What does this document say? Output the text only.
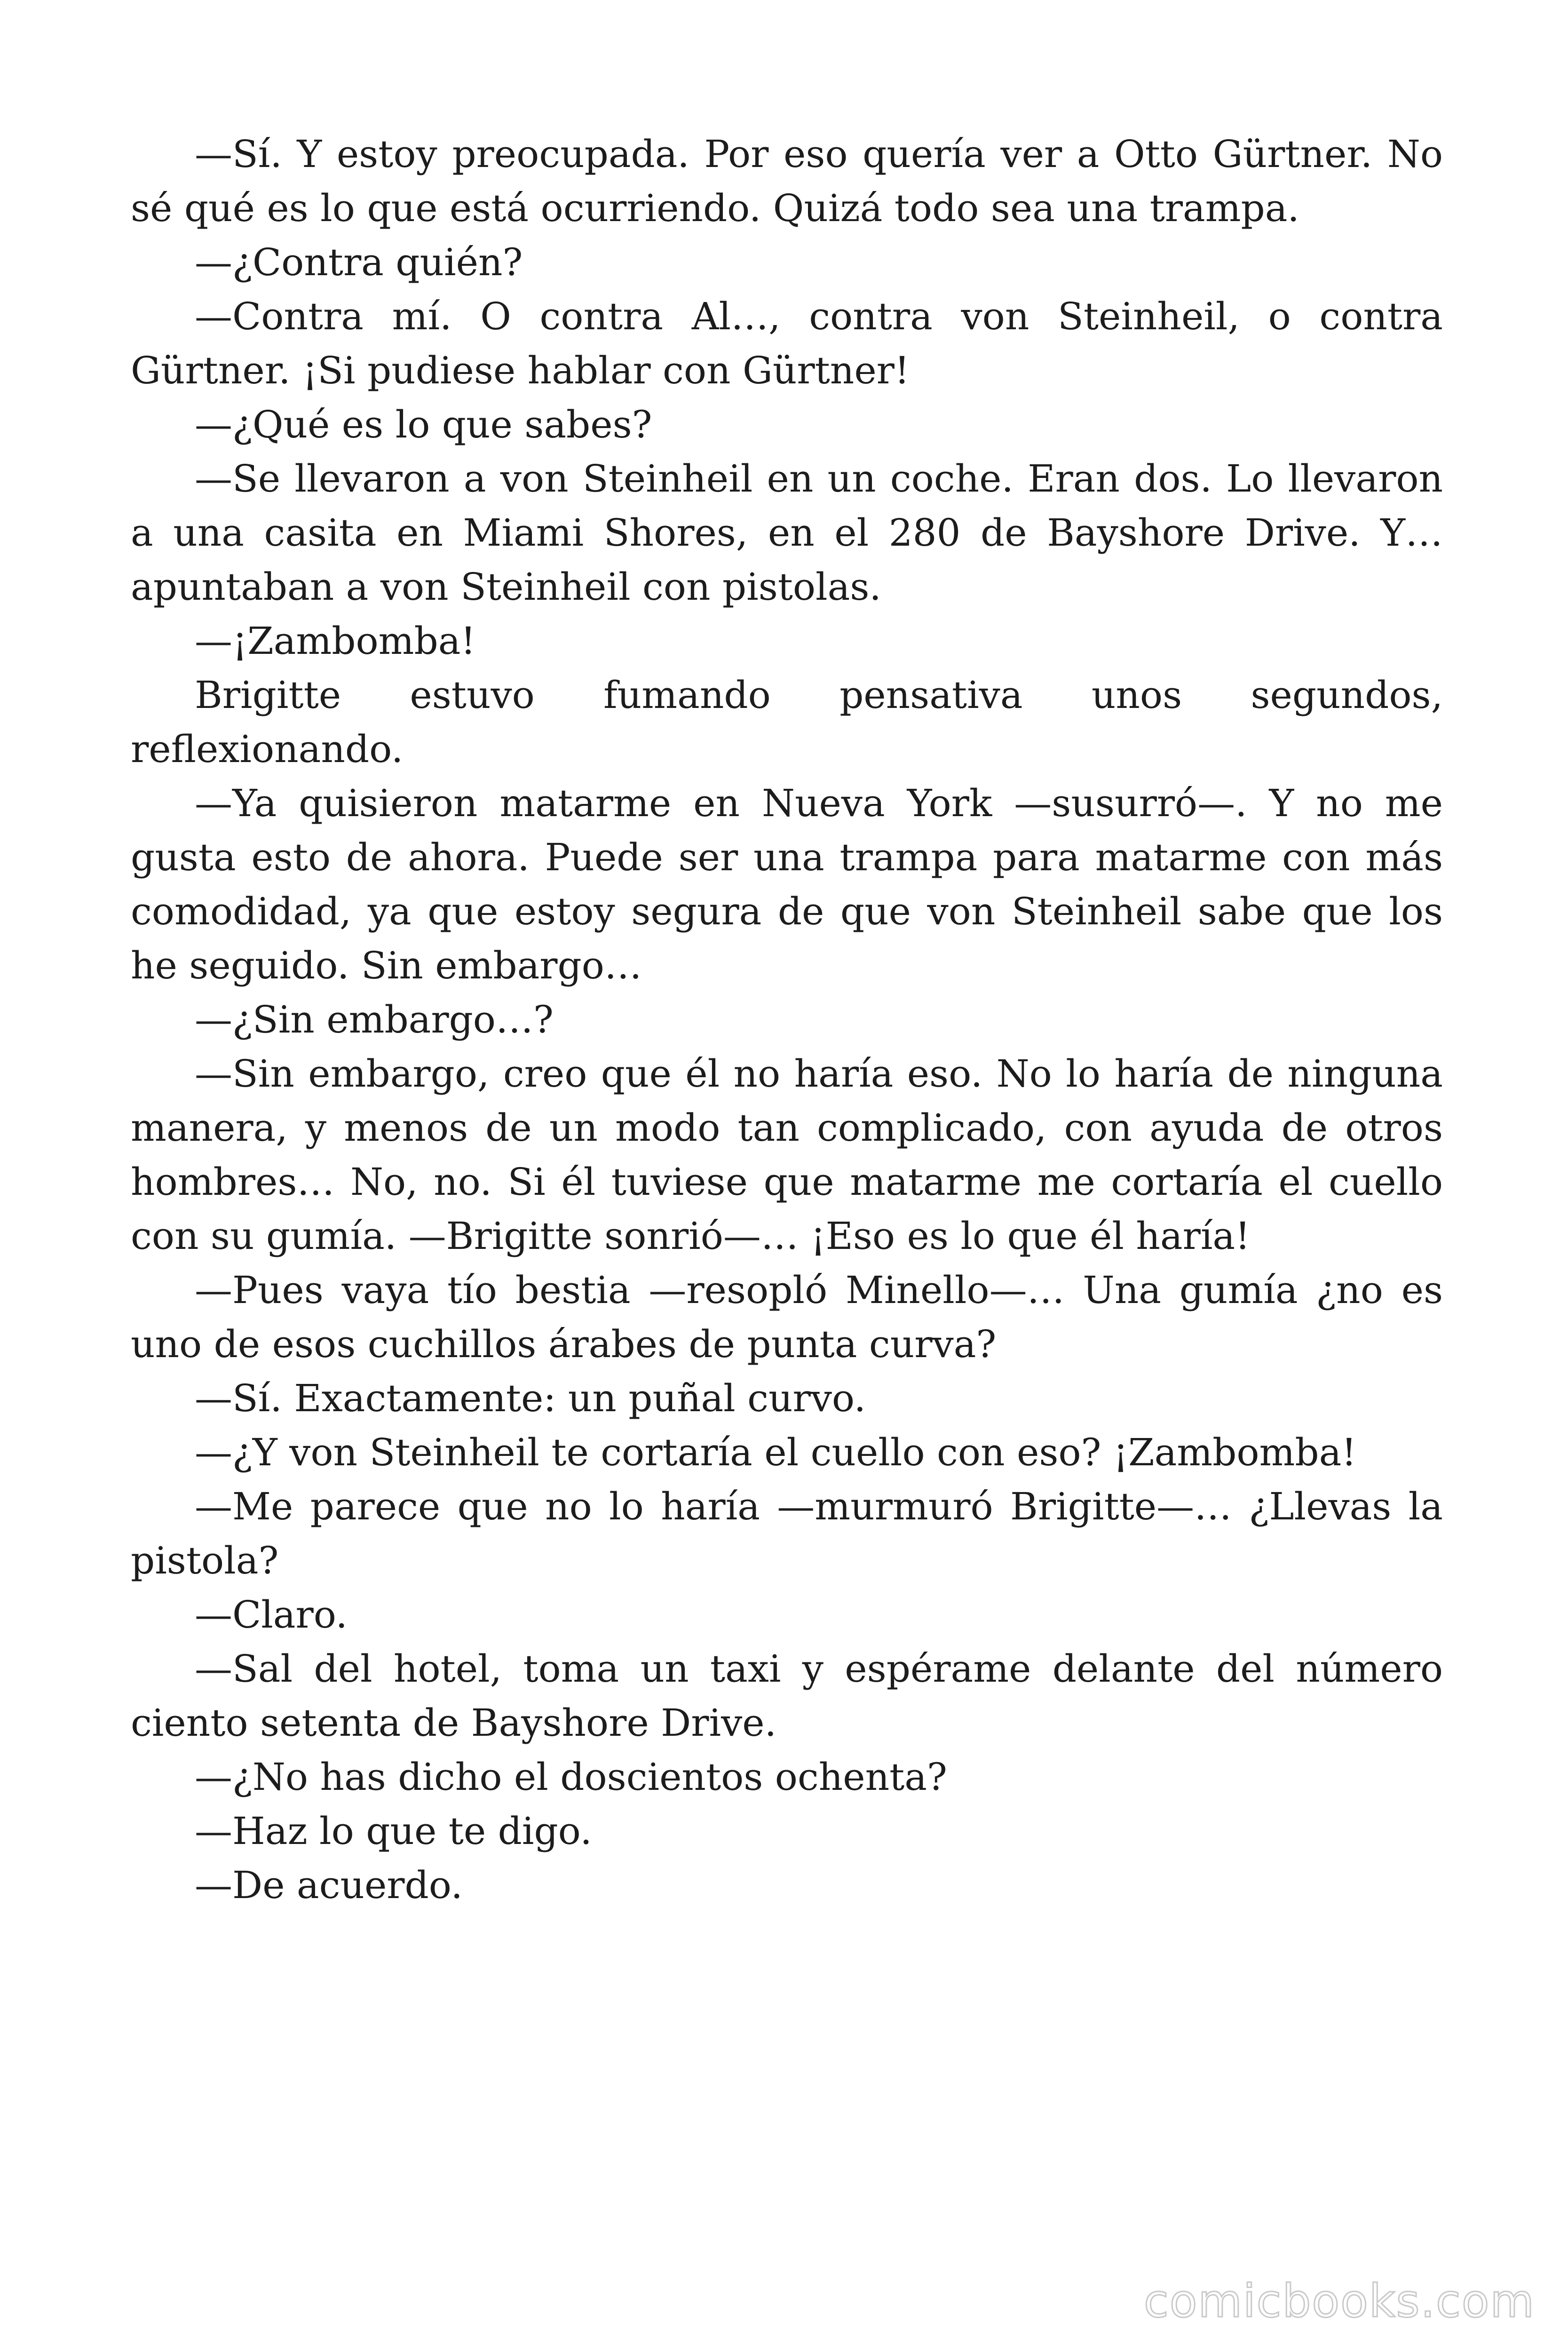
—Sí. Y estoy preocupada. Por eso quería ver a Otto Gürtner. No sé qué es lo que está ocurriendo. Quizá todo sea una trampa.

—¿Contra quién?

—Contra mí. O contra Al…, contra von Steinheil, o contra Gürtner. ¡Si pudiese hablar con Gürtner!

—¿Qué es lo que sabes?

—Se llevaron a von Steinheil en un coche. Eran dos. Lo llevaron a una casita en Miami Shores, en el 280 de Bayshore Drive. Y… apuntaban a von Steinheil con pistolas.

—¡Zambomba!

Brigitte estuvo fumando pensativa unos segundos, reflexionando.

—Ya quisieron matarme en Nueva York —susurró—. Y no me gusta esto de ahora. Puede ser una trampa para matarme con más comodidad, ya que estoy segura de que von Steinheil sabe que los he seguido. Sin embargo…

—¿Sin embargo…?

—Sin embargo, creo que él no haría eso. No lo haría de ninguna manera, y menos de un modo tan complicado, con ayuda de otros hombres… No, no. Si él tuviese que matarme me cortaría el cuello con su gumía. —Brigitte sonrió—… ¡Eso es lo que él haría!

—Pues vaya tío bestia —resopló Minello—… Una gumía ¿no es uno de esos cuchillos árabes de punta curva?

—Sí. Exactamente: un puñal curvo.

—¿Y von Steinheil te cortaría el cuello con eso? ¡Zambomba!

—Me parece que no lo haría —murmuró Brigitte—… ¿Llevas la pistola?

—Claro.

—Sal del hotel, toma un taxi y espérame delante del número ciento setenta de Bayshore Drive.

—¿No has dicho el doscientos ochenta?

—Haz lo que te digo.

—De acuerdo.

comicbooks.com
